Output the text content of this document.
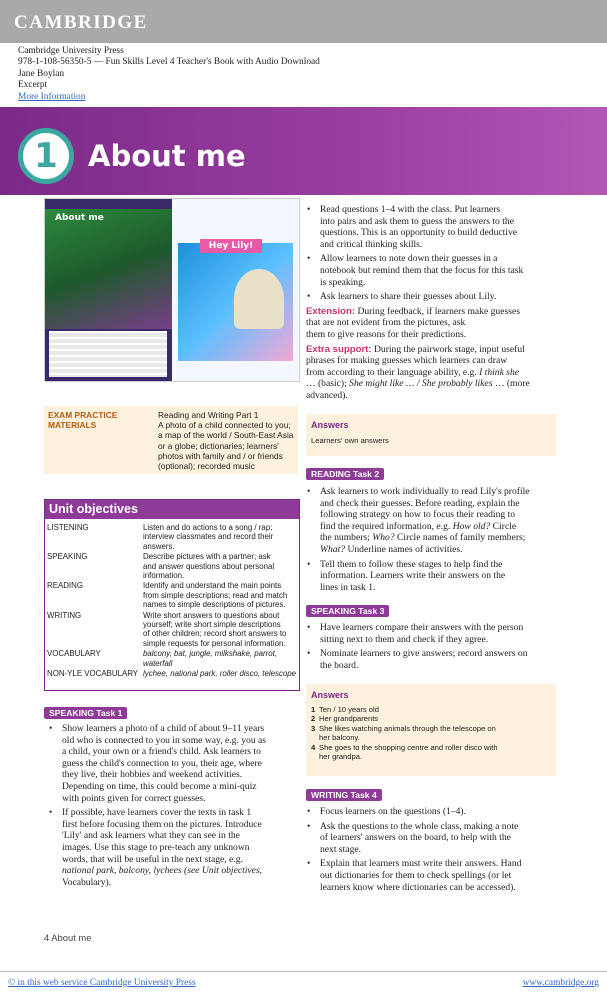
CAMBRIDGE
Cambridge University Press
978-1-108-56350-5 — Fun Skills Level 4 Teacher's Book with Audio Download
Jane Boylan
Excerpt
More Information
1	About me
About me
Hey Lily!
EXAM PRACTICE
MATERIALS
Reading and Writing Part 1
A photo of a child connected to you;
a map of the world / South-East Asia
or a globe; dictionaries; learners'
photos with family and / or friends
(optional); recorded music
Unit objectives
LISTENING	Listen and do actions to a song / rap;
interview classmates and record their
answers.

SPEAKING	Describe pictures with a partner; ask
and answer questions about personal
information.

READING	Identify and understand the main points
from simple descriptions; read and match
names to simple descriptions of pictures.

WRITING	Write short answers to questions about
yourself; write short simple descriptions
of other children; record short answers to
simple requests for personal information.

VOCABULARY	balcony, bat, jungle, milkshake, parrot,
waterfall

NON-YLE VOCABULARY	lychee, national park, roller disco, telescope
SPEAKING Task 1
• Show learners a photo of a child of about 9–11 years
old who is connected to you in some way, e.g. you as
a child, your own or a friend's child. Ask learners to
guess the child's connection to you, their age, where
they live, their hobbies and weekend activities.
Depending on time, this could become a mini-quiz
with points given for correct guesses.
• If possible, have learners cover the texts in task 1
first before focusing them on the pictures. Introduce
'Lily' and ask learners what they can see in the
images. Use this stage to pre-teach any unknown
words, that will be useful in the next stage, e.g.
national park, balcony, lychees (see Unit objectives,
Vocabulary).
• Read questions 1–4 with the class. Put learners
into pairs and ask them to guess the answers to the
questions. This is an opportunity to build deductive
and critical thinking skills.
• Allow learners to note down their guesses in a
notebook but remind them that the focus for this task
is speaking.
• Ask learners to share their guesses about Lily.

Extension: During feedback, if learners make guesses
that are not evident from the pictures, ask
them to give reasons for their predictions.

Extra support: During the pairwork stage, input useful
phrases for making guesses which learners can draw
from according to their language ability, e.g. I think she
… (basic); She might like … / She probably likes … (more
advanced).

Answers
Learners' own answers
READING Task 2
• Ask learners to work individually to read Lily's profile
and check their guesses. Before reading, explain the
following strategy on how to focus their reading to
find the required information, e.g. How old? Circle
the numbers; Who? Circle names of family members;
What? Underline names of activities.
• Tell them to follow these stages to help find the
information. Learners write their answers on the
lines in task 1.
SPEAKING Task 3
• Have learners compare their answers with the person
sitting next to them and check if they agree.
• Nominate learners to give answers; record answers on
the board.
Answers
1 Ten / 10 years old
2 Her grandparents
3 She likes watching animals through the telescope on
her balcony.
4 She goes to the shopping centre and roller disco with
her grandpa.
WRITING Task 4
• Focus learners on the questions (1–4).
• Ask the questions to the whole class, making a note
of learners' answers on the board, to help with the
next stage.
• Explain that learners must write their answers. Hand
out dictionaries for them to check spellings (or let
learners know where dictionaries can be accessed).
4 About me
© in this web service Cambridge University Press	www.cambridge.org
